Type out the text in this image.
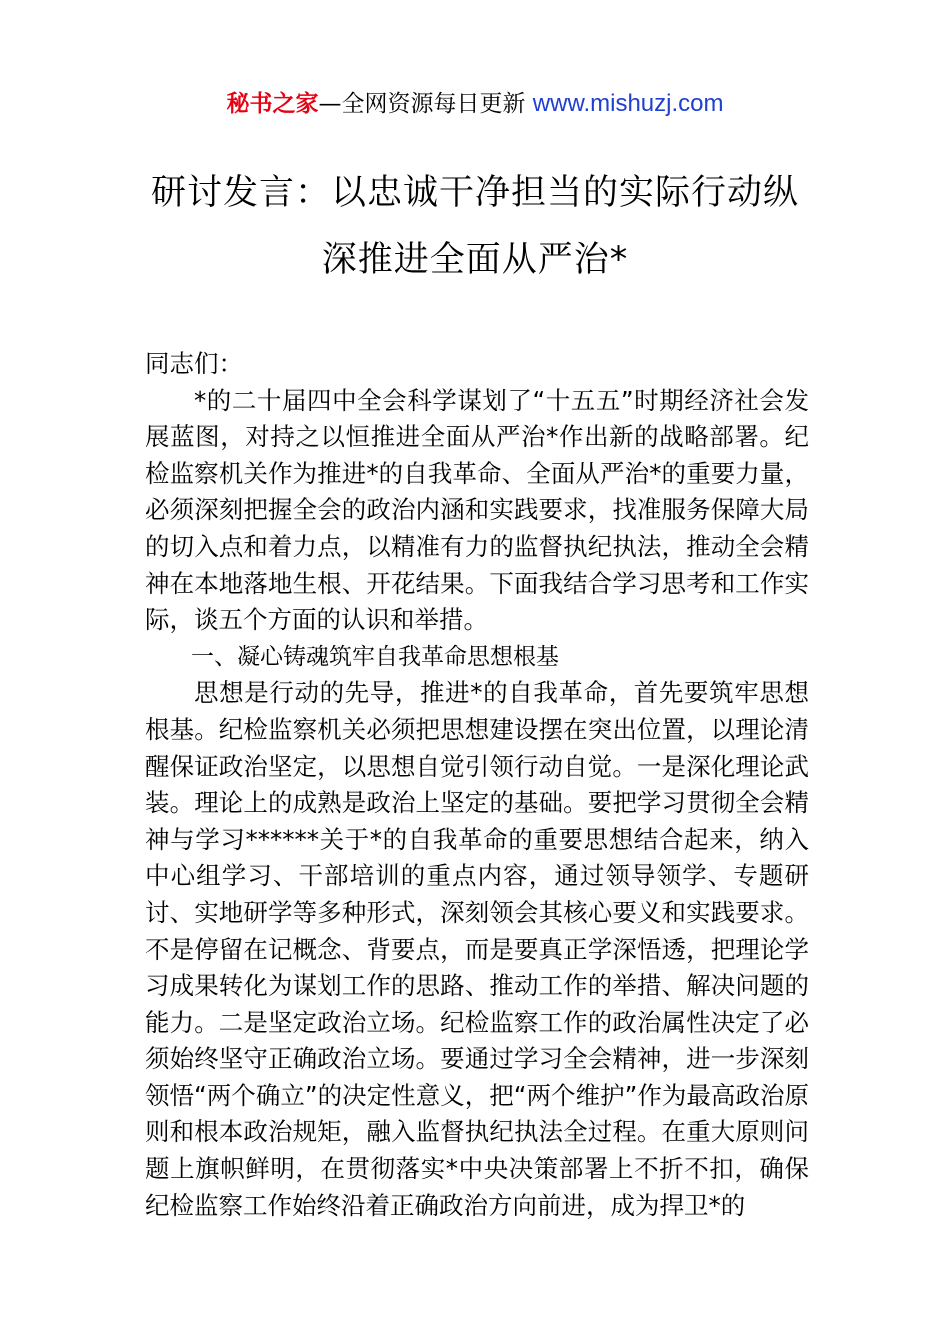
秘书之家—全网资源每日更新 www.mishuzj.com
研讨发言：以忠诚干净担当的实际行动纵
深推进全面从严治*

同志们：

*的二十届四中全会科学谋划了“十五五”时期经济社会发展蓝图，对持之以恒推进全面从严治*作出新的战略部署。纪检监察机关作为推进*的自我革命、全面从严治*的重要力量，必须深刻把握全会的政治内涵和实践要求，找准服务保障大局的切入点和着力点，以精准有力的监督执纪执法，推动全会精神在本地落地生根、开花结果。下面我结合学习思考和工作实际，谈五个方面的认识和举措。

一、凝心铸魂筑牢自我革命思想根基

思想是行动的先导，推进*的自我革命，首先要筑牢思想根基。纪检监察机关必须把思想建设摆在突出位置，以理论清醒保证政治坚定，以思想自觉引领行动自觉。一是深化理论武装。理论上的成熟是政治上坚定的基础。要把学习贯彻全会精神与学习******关于*的自我革命的重要思想结合起来，纳入中心组学习、干部培训的重点内容，通过领导领学、专题研讨、实地研学等多种形式，深刻领会其核心要义和实践要求。不是停留在记概念、背要点，而是要真正学深悟透，把理论学习成果转化为谋划工作的思路、推动工作的举措、解决问题的能力。二是坚定政治立场。纪检监察工作的政治属性决定了必须始终坚守正确政治立场。要通过学习全会精神，进一步深刻领悟“两个确立”的决定性意义，把“两个维护”作为最高政治原则和根本政治规矩，融入监督执纪执法全过程。在重大原则问题上旗帜鲜明，在贯彻落实*中央决策部署上不折不扣，确保纪检监察工作始终沿着正确政治方向前进，成为捍卫*的
